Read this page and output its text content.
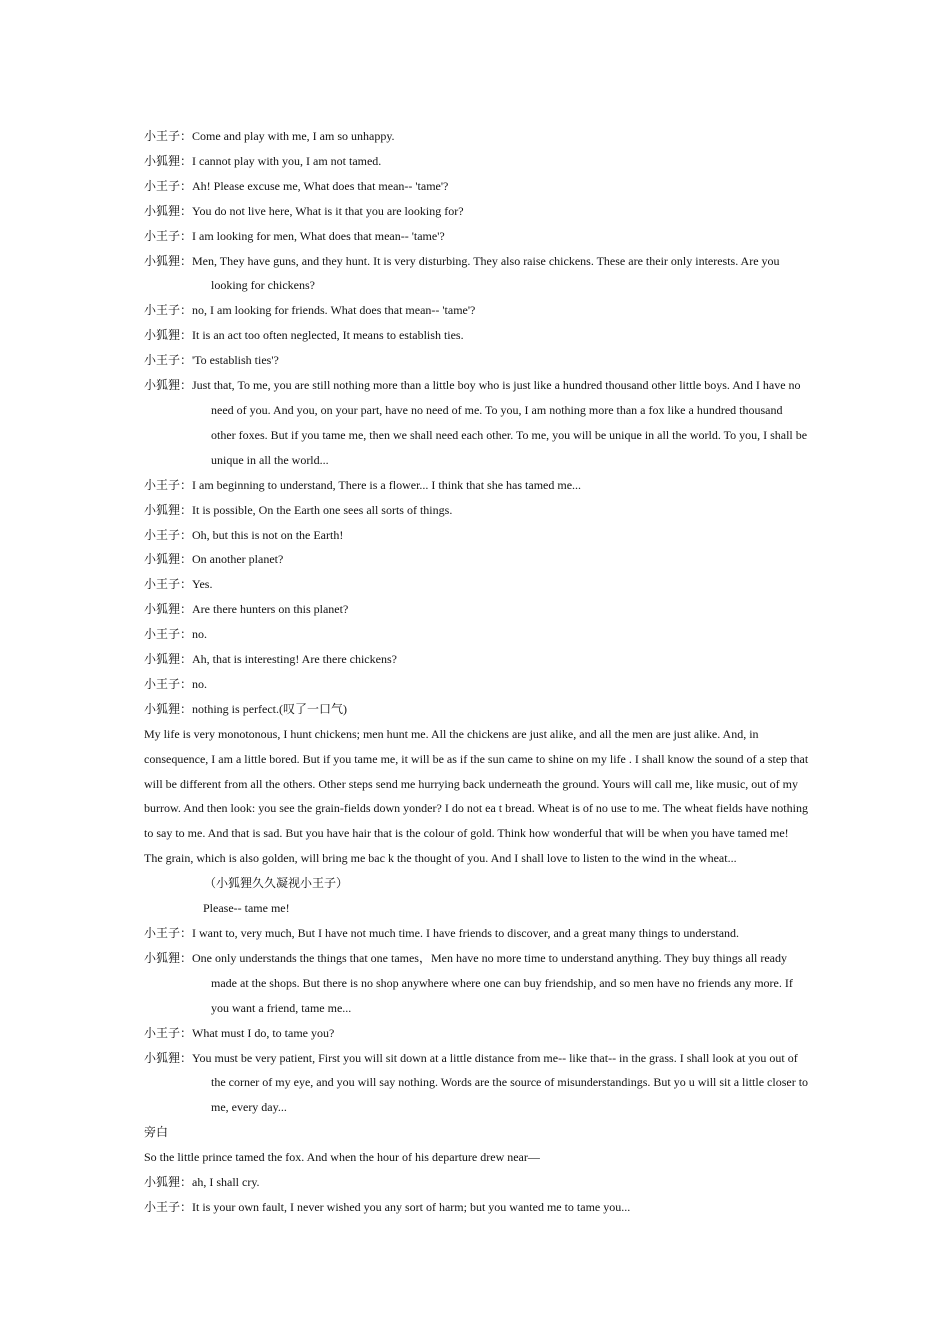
小王子：Come and play with me, I am so unhappy.

小狐狸：I cannot play with you, I am not tamed.

小王子：Ah! Please excuse me, What does that mean-- 'tame'?

小狐狸：You do not live here, What is it that you are looking for?

小王子：I am looking for men, What does that mean-- 'tame'?

小狐狸：Men, They have guns, and they hunt. It is very disturbing. They also raise chickens. These are their only interests. Are you looking for chickens?

小王子：no, I am looking for friends. What does that mean-- 'tame'?

小狐狸：It is an act too often neglected, It means to establish ties.

小王子：'To establish ties'?

小狐狸：Just that, To me, you are still nothing more than a little boy who is just like a hundred thousand other little boys. And I have no need of you. And you, on your part, have no need of me. To you, I am nothing more than a fox like a hundred thousand other foxes. But if you tame me, then we shall need each other. To me, you will be unique in all the world. To you, I shall be unique in all the world...

小王子：I am beginning to understand, There is a flower... I think that she has tamed me...

小狐狸：It is possible, On the Earth one sees all sorts of things.

小王子：Oh, but this is not on the Earth!

小狐狸：On another planet?

小王子：Yes.

小狐狸：Are there hunters on this planet?

小王子：no.

小狐狸：Ah, that is interesting! Are there chickens?

小王子：no.

小狐狸：nothing is perfect.(叹了一口气)

My life is very monotonous, I hunt chickens; men hunt me. All the chickens are just alike, and all the men are just alike. And, in consequence, I am a little bored. But if you tame me, it will be as if the sun came to shine on my life . I shall know the sound of a step that will be different from all the others. Other steps send me hurrying back underneath the ground. Yours will call me, like music, out of my burrow. And then look: you see the grain-fields down yonder? I do not ea t bread. Wheat is of no use to me. The wheat fields have nothing to say to me. And that is sad. But you have hair that is the colour of gold. Think how wonderful that will be when you have tamed me! The grain, which is also golden, will bring me bac k the thought of you. And I shall love to listen to the wind in the wheat...

（小狐狸久久凝视小王子）

Please-- tame me!

小王子：I want to, very much, But I have not much time. I have friends to discover, and a great many things to understand.

小狐狸：One only understands the things that one tames，Men have no more time to understand anything. They buy things all ready made at the shops. But there is no shop anywhere where one can buy friendship, and so men have no friends any more. If you want a friend, tame me...

小王子：What must I do, to tame you?

小狐狸：You must be very patient, First you will sit down at a little distance from me-- like that-- in the grass. I shall look at you out of the corner of my eye, and you will say nothing. Words are the source of misunderstandings. But yo u will sit a little closer to me, every day...

旁白

So the little prince tamed the fox. And when the hour of his departure drew near—

小狐狸：ah, I shall cry.

小王子：It is your own fault, I never wished you any sort of harm; but you wanted me to tame you...
